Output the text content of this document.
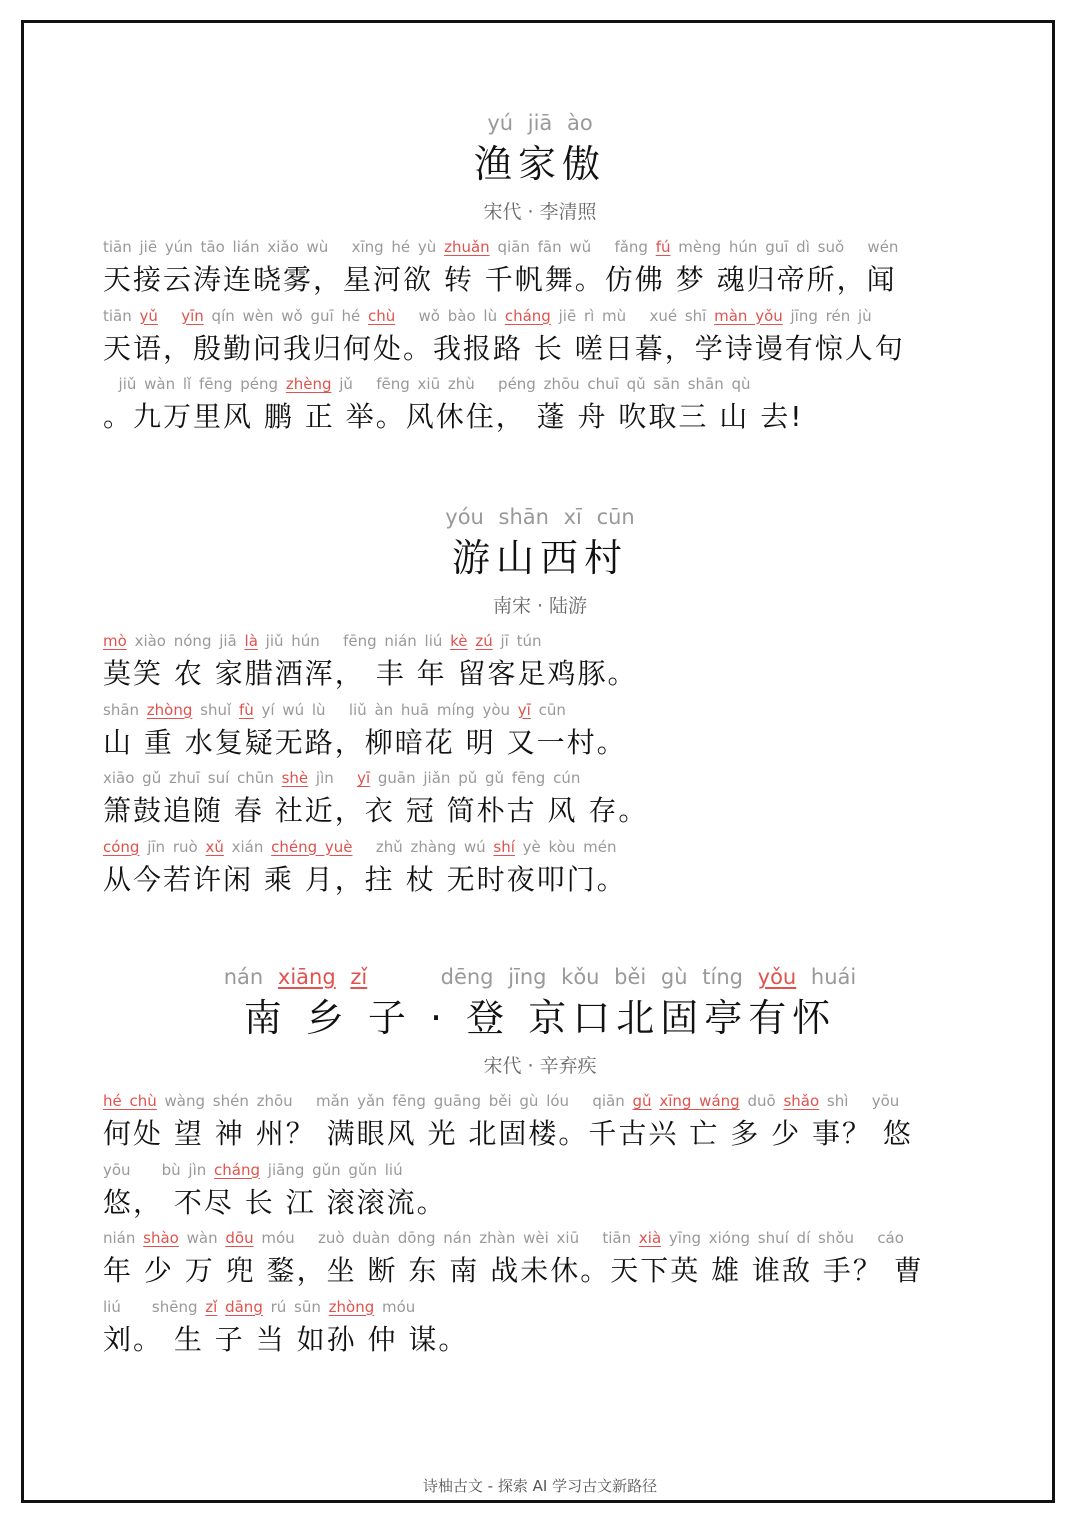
yú jiā ào
渔家傲
宋代 · 李清照
tiān jiē yún tāo lián xiǎo wù   xīng hé yù zhuǎn qiān fān wǔ   fǎng fú mèng hún guī dì suǒ   wén
天接云涛连晓雾，星河欲 转 千帆舞。仿佛 梦 魂归帝所，闻
tiān yǔ yīn qín wèn wǒ guī hé chù   wǒ bào lù cháng jiē rì mù   xué shī màn yǒu jīng rén jù
天语，殷勤问我归何处。我报路 长 嗟日暮，学诗谩有惊人句
jiǔ wàn lǐ fēng péng zhèng jǔ   fēng xiū zhù   péng zhōu chuī qǔ sān shān qù
。九万里风 鹏 正 举。风休住， 蓬 舟 吹取三 山 去!
yóu shān xī cūn
游山西村
南宋 · 陆游
mò xiào nóng jiā là jiǔ hún   fēng nián liú kè zú jī tún
莫笑 农 家腊酒浑， 丰 年 留客足鸡豚。
shān zhòng shuǐ fù yí wú lù   liǔ àn huā míng yòu yī cūn
山 重 水复疑无路，柳暗花 明 又一村。
xiāo gǔ zhuī suí chūn shè jìn   yī guān jiǎn pǔ gǔ fēng cún
箫鼓追随 春 社近，衣 冠 简朴古 风 存。
cóng jīn ruò xǔ xián chéng yuè   zhǔ zhàng wú shí yè kòu mén
从今若许闲 乘 月，拄 杖 无时夜叩门。
nán xiāng zǐ     dēng jīng kǒu běi gù tíng yǒu huái
南 乡 子 · 登 京口北固亭有怀
宋代 · 辛弃疾
hé chù wàng shén zhōu   mǎn yǎn fēng guāng běi gù lóu   qiān gǔ xīng wáng duō shǎo shì   yōu
何处 望 神 州？ 满眼风 光 北固楼。千古兴 亡 多 少 事？ 悠
yōu    bù jìn cháng jiāng gǔn gǔn liú
悠， 不尽 长 江 滚滚流。
nián shào wàn dōu móu   zuò duàn dōng nán zhàn wèi xiū   tiān xià yīng xióng shuí dí shǒu   cáo
年 少 万 兜 鍪，坐 断 东 南 战未休。天下英 雄 谁敌 手？ 曹
liú    shēng zǐ dāng rú sūn zhòng móu
刘。 生 子 当 如孙 仲 谋。
诗柚古文 - 探索 AI 学习古文新路径
